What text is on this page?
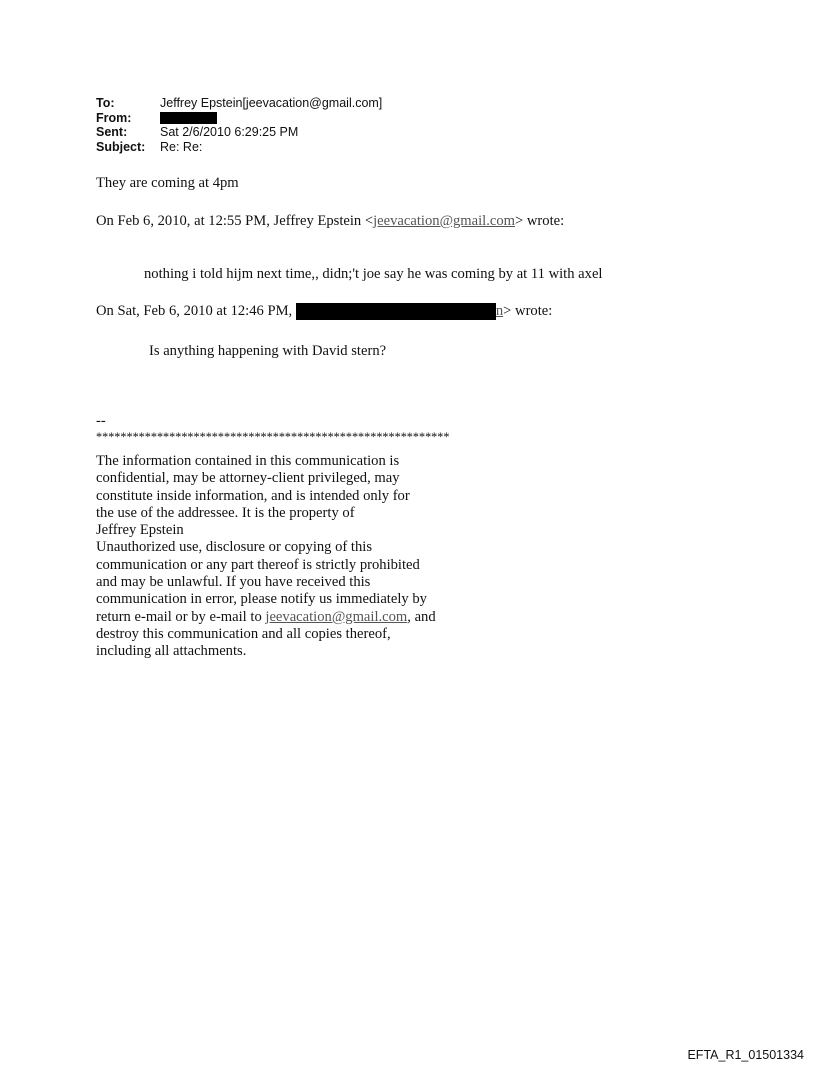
To:	Jeffrey Epstein[jeevacation@gmail.com]
From:
Sent:	Sat 2/6/2010 6:29:25 PM
Subject:	Re: Re:
They are coming at 4pm
On Feb 6, 2010, at 12:55 PM, Jeffrey Epstein <jeevacation@gmail.com> wrote:
nothing i told hijm next time,, didn;'t joe say he was coming by at 11 with axel
On Sat, Feb 6, 2010 at 12:46 PM,	n> wrote:
Is anything happening with David stern?
--
**********************************************************
The information contained in this communication is
confidential, may be attorney-client privileged, may
constitute inside information, and is intended only for
the use of the addressee. It is the property of
Jeffrey Epstein
Unauthorized use, disclosure or copying of this
communication or any part thereof is strictly prohibited
and may be unlawful. If you have received this
communication in error, please notify us immediately by
return e-mail or by e-mail to jeevacation@gmail.com, and
destroy this communication and all copies thereof,
including all attachments.
EFTA_R1_01501334
